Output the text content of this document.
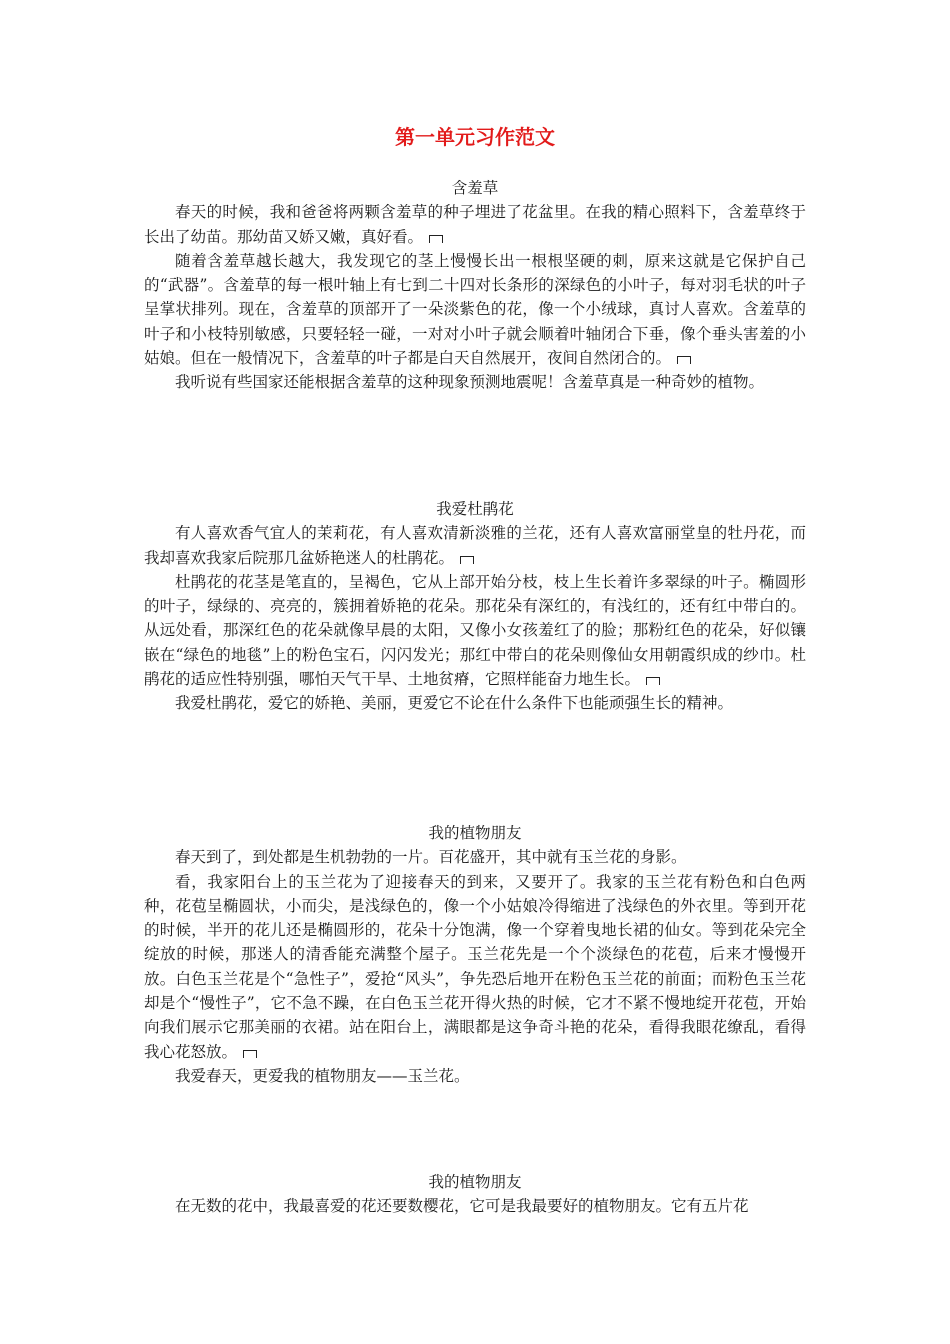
第一单元习作范文
含羞草

春天的时候，我和爸爸将两颗含羞草的种子埋进了花盆里。在我的精心照料下，含羞草终于长出了幼苗。那幼苗又娇又嫩，真好看。

随着含羞草越长越大，我发现它的茎上慢慢长出一根根坚硬的刺，原来这就是它保护自己的“武器”。含羞草的每一根叶轴上有七到二十四对长条形的深绿色的小叶子，每对羽毛状的叶子呈掌状排列。现在，含羞草的顶部开了一朵淡紫色的花，像一个小绒球，真讨人喜欢。含羞草的叶子和小枝特别敏感，只要轻轻一碰，一对对小叶子就会顺着叶轴闭合下垂，像个垂头害羞的小姑娘。但在一般情况下，含羞草的叶子都是白天自然展开，夜间自然闭合的。

我听说有些国家还能根据含羞草的这种现象预测地震呢！含羞草真是一种奇妙的植物。

我爱杜鹃花

有人喜欢香气宜人的茉莉花，有人喜欢清新淡雅的兰花，还有人喜欢富丽堂皇的牡丹花，而我却喜欢我家后院那几盆娇艳迷人的杜鹃花。

杜鹃花的花茎是笔直的，呈褐色，它从上部开始分枝，枝上生长着许多翠绿的叶子。椭圆形的叶子，绿绿的、亮亮的，簇拥着娇艳的花朵。那花朵有深红的，有浅红的，还有红中带白的。从远处看，那深红色的花朵就像早晨的太阳，又像小女孩羞红了的脸；那粉红色的花朵，好似镶嵌在“绿色的地毯”上的粉色宝石，闪闪发光；那红中带白的花朵则像仙女用朝霞织成的纱巾。杜鹃花的适应性特别强，哪怕天气干旱、土地贫瘠，它照样能奋力地生长。

我爱杜鹃花，爱它的娇艳、美丽，更爱它不论在什么条件下也能顽强生长的精神。

我的植物朋友

春天到了，到处都是生机勃勃的一片。百花盛开，其中就有玉兰花的身影。

看，我家阳台上的玉兰花为了迎接春天的到来，又要开了。我家的玉兰花有粉色和白色两种，花苞呈椭圆状，小而尖，是浅绿色的，像一个小姑娘冷得缩进了浅绿色的外衣里。等到开花的时候，半开的花儿还是椭圆形的，花朵十分饱满，像一个穿着曳地长裙的仙女。等到花朵完全绽放的时候，那迷人的清香能充满整个屋子。玉兰花先是一个个淡绿色的花苞，后来才慢慢开放。白色玉兰花是个“急性子”，爱抢“风头”，争先恐后地开在粉色玉兰花的前面；而粉色玉兰花却是个“慢性子”，它不急不躁，在白色玉兰花开得火热的时候，它才不紧不慢地绽开花苞，开始向我们展示它那美丽的衣裙。站在阳台上，满眼都是这争奇斗艳的花朵，看得我眼花缭乱，看得我心花怒放。

我爱春天，更爱我的植物朋友——玉兰花。

我的植物朋友

在无数的花中，我最喜爱的花还要数樱花，它可是我最要好的植物朋友。它有五片花
